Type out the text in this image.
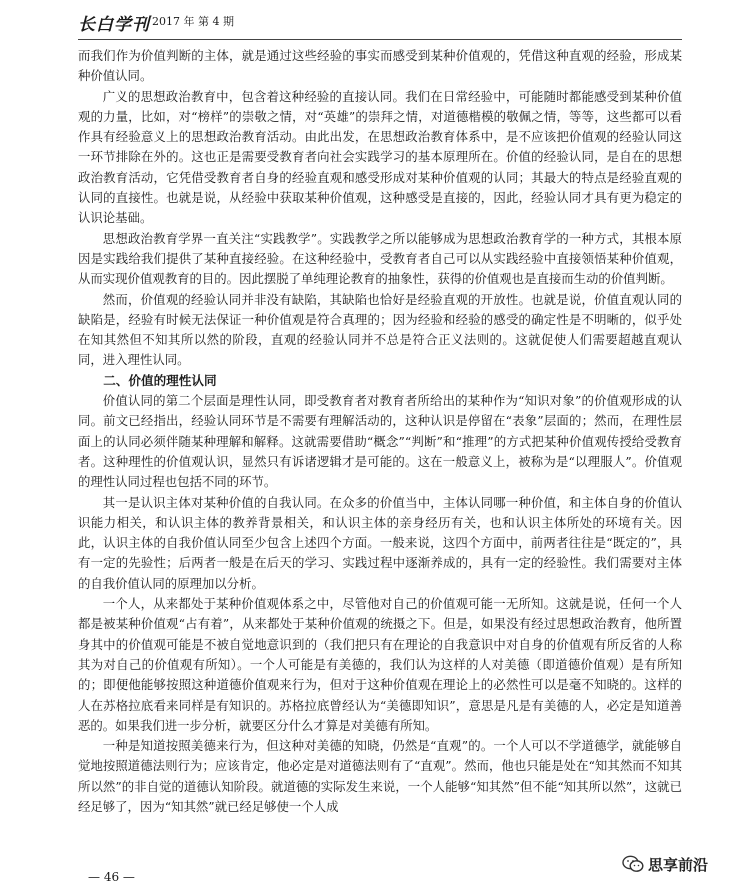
长白学刊 2017 年 第 4 期

而我们作为价值判断的主体，就是通过这些经验的事实而感受到某种价值观的，凭借这种直观的经验，形成某种价值认同。

广义的思想政治教育中，包含着这种经验的直接认同。我们在日常经验中，可能随时都能感受到某种价值观的力量，比如，对“榜样”的崇敬之情，对“英雄”的崇拜之情，对道德楷模的敬佩之情，等等，这些都可以看作具有经验意义上的思想政治教育活动。由此出发，在思想政治教育体系中，是不应该把价值观的经验认同这一环节排除在外的。这也正是需要受教育者向社会实践学习的基本原理所在。价值的经验认同，是自在的思想政治教育活动，它凭借受教育者自身的经验直观和感受形成对某种价值观的认同；其最大的特点是经验直观的认同的直接性。也就是说，从经验中获取某种价值观，这种感受是直接的，因此，经验认同才具有更为稳定的认识论基础。

思想政治教育学界一直关注“实践教学”。实践教学之所以能够成为思想政治教育学的一种方式，其根本原因是实践给我们提供了某种直接经验。在这种经验中，受教育者自己可以从实践经验中直接领悟某种价值观，从而实现价值观教育的目的。因此摆脱了单纯理论教育的抽象性，获得的价值观也是直接而生动的价值判断。

然而，价值观的经验认同并非没有缺陷，其缺陷也恰好是经验直观的开放性。也就是说，价值直观认同的缺陷是，经验有时候无法保证一种价值观是符合真理的；因为经验和经验的感受的确定性是不明晰的，似乎处在知其然但不知其所以然的阶段，直观的经验认同并不总是符合正义法则的。这就促使人们需要超越直观认同，进入理性认同。

二、价值的理性认同

价值认同的第二个层面是理性认同，即受教育者对教育者所给出的某种作为“知识对象”的价值观形成的认同。前文已经指出，经验认同环节是不需要有理解活动的，这种认识是停留在“表象”层面的；然而，在理性层面上的认同必须伴随某种理解和解释。这就需要借助“概念”“判断”和“推理”的方式把某种价值观传授给受教育者。这种理性的价值观认识，显然只有诉诸逻辑才是可能的。这在一般意义上，被称为是“以理服人”。价值观的理性认同过程也包括不同的环节。

其一是认识主体对某种价值的自我认同。在众多的价值当中，主体认同哪一种价值，和主体自身的价值认识能力相关，和认识主体的教养背景相关，和认识主体的亲身经历有关，也和认识主体所处的环境有关。因此，认识主体的自我价值认同至少包含上述四个方面。一般来说，这四个方面中，前两者往往是“既定的”，具有一定的先验性；后两者一般是在后天的学习、实践过程中逐渐养成的，具有一定的经验性。我们需要对主体的自我价值认同的原理加以分析。

一个人，从来都处于某种价值观体系之中，尽管他对自己的价值观可能一无所知。这就是说，任何一个人都是被某种价值观“占有着”，从来都处于某种价值观的统摄之下。但是，如果没有经过思想政治教育，他所置身其中的价值观可能是不被自觉地意识到的（我们把只有在理论的自我意识中对自身的价值观有所反省的人称其为对自己的价值观有所知）。一个人可能是有美德的，我们认为这样的人对美德（即道德价值观）是有所知的；即便他能够按照这种道德价值观来行为，但对于这种价值观在理论上的必然性可以是毫不知晓的。这样的人在苏格拉底看来同样是有知识的。苏格拉底曾经认为“美德即知识”，意思是凡是有美德的人，必定是知道善恶的。如果我们进一步分析，就要区分什么才算是对美德有所知。

一种是知道按照美德来行为，但这种对美德的知晓，仍然是“直观”的。一个人可以不学道德学，就能够自觉地按照道德法则行为；应该肯定，他必定是对道德法则有了“直观”。然而，他也只能是处在“知其然而不知其所以然”的非自觉的道德认知阶段。就道德的实际发生来说，一个人能够“知其然”但不能“知其所以然”，这就已经足够了，因为“知其然”就已经足够使一个人成

— 46 —
思享前沿
